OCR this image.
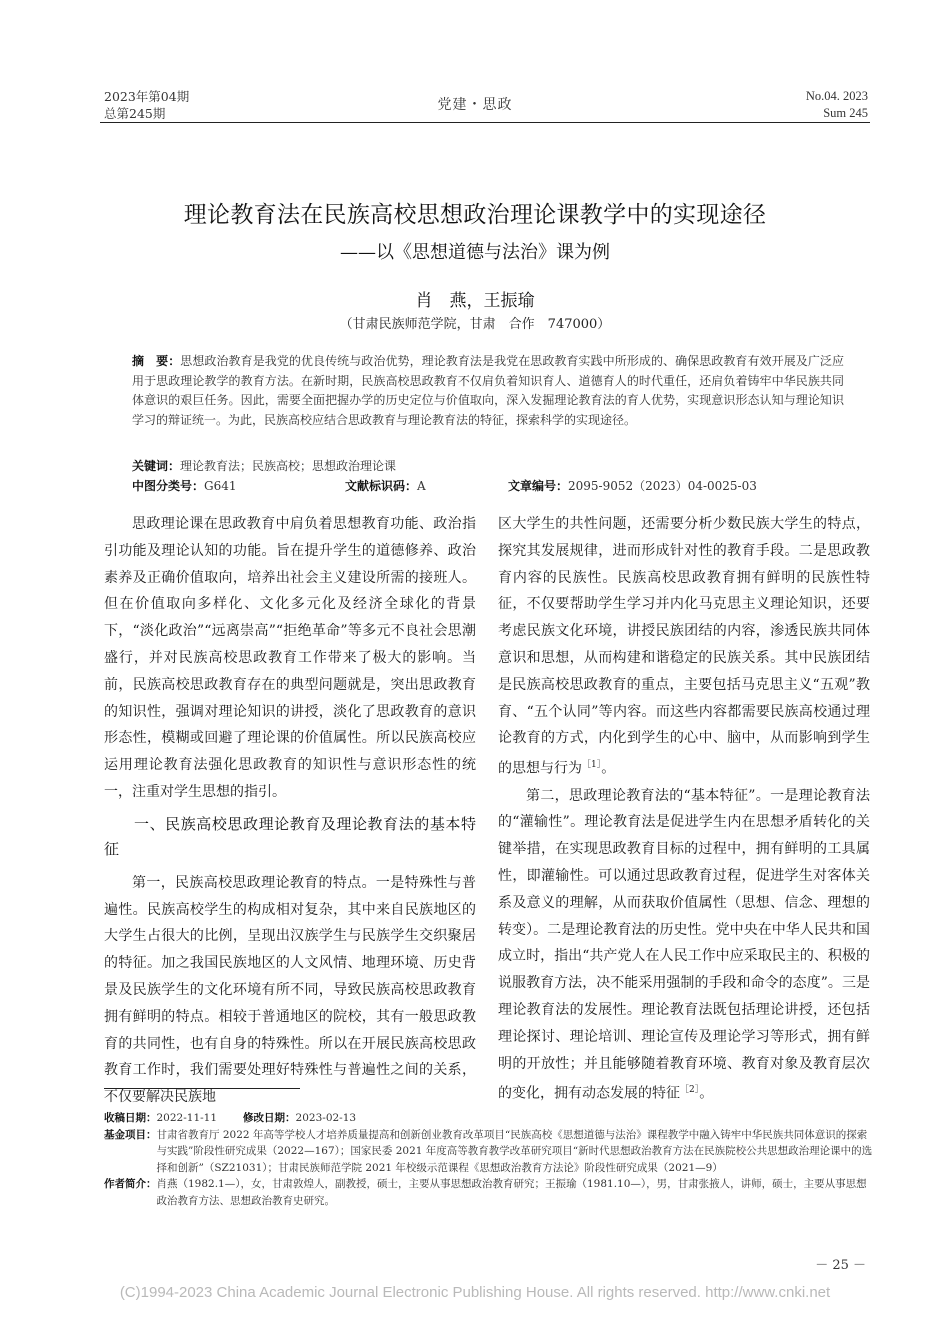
2023年第04期
总第245期
党建・思政
No.04. 2023
Sum 245
理论教育法在民族高校思想政治理论课教学中的实现途径
——以《思想道德与法治》课为例
肖　燕，王振瑜
（甘肃民族师范学院，甘肃　合作　747000）
摘　要：思想政治教育是我党的优良传统与政治优势，理论教育法是我党在思政教育实践中所形成的、确保思政教育有效开展及广泛应用于思政理论教学的教育方法。在新时期，民族高校思政教育不仅肩负着知识育人、道德育人的时代重任，还肩负着铸牢中华民族共同体意识的艰巨任务。因此，需要全面把握办学的历史定位与价值取向，深入发掘理论教育法的育人优势，实现意识形态认知与理论知识学习的辩证统一。为此，民族高校应结合思政教育与理论教育法的特征，探索科学的实现途径。
关键词：理论教育法；民族高校；思想政治理论课
中图分类号：G641	文献标识码：A	文章编号：2095-9052（2023）04-0025-03

思政理论课在思政教育中肩负着思想教育功能、政治指引功能及理论认知的功能。旨在提升学生的道德修养、政治素养及正确价值取向，培养出社会主义建设所需的接班人。但在价值取向多样化、文化多元化及经济全球化的背景下，“淡化政治”“远离崇高”“拒绝革命”等多元不良社会思潮盛行，并对民族高校思政教育工作带来了极大的影响。当前，民族高校思政教育存在的典型问题就是，突出思政教育的知识性，强调对理论知识的讲授，淡化了思政教育的意识形态性，模糊或回避了理论课的价值属性。所以民族高校应运用理论教育法强化思政教育的知识性与意识形态性的统一，注重对学生思想的指引。

一、民族高校思政理论教育及理论教育法的基本特征

第一，民族高校思政理论教育的特点。一是特殊性与普遍性。民族高校学生的构成相对复杂，其中来自民族地区的大学生占很大的比例，呈现出汉族学生与民族学生交织聚居的特征。加之我国民族地区的人文风情、地理环境、历史背景及民族学生的文化环境有所不同，导致民族高校思政教育拥有鲜明的特点。相较于普通地区的院校，其有一般思政教育的共同性，也有自身的特殊性。所以在开展民族高校思政教育工作时，我们需要处理好特殊性与普遍性之间的关系，不仅要解决民族地

区大学生的共性问题，还需要分析少数民族大学生的特点，探究其发展规律，进而形成针对性的教育手段。二是思政教育内容的民族性。民族高校思政教育拥有鲜明的民族性特征，不仅要帮助学生学习并内化马克思主义理论知识，还要考虑民族文化环境，讲授民族团结的内容，渗透民族共同体意识和思想，从而构建和谐稳定的民族关系。其中民族团结是民族高校思政教育的重点，主要包括马克思主义“五观”教育、“五个认同”等内容。而这些内容都需要民族高校通过理论教育的方式，内化到学生的心中、脑中，从而影响到学生的思想与行为$^{[1]}$。

第二，思政理论教育法的“基本特征”。一是理论教育法的“灌输性”。理论教育法是促进学生内在思想矛盾转化的关键举措，在实现思政教育目标的过程中，拥有鲜明的工具属性，即灌输性。可以通过思政教育过程，促进学生对客体关系及意义的理解，从而获取价值属性（思想、信念、理想的转变）。二是理论教育法的历史性。党中央在中华人民共和国成立时，指出“共产党人在人民工作中应采取民主的、积极的说服教育方法，决不能采用强制的手段和命令的态度”。三是理论教育法的发展性。理论教育法既包括理论讲授，还包括理论探讨、理论培训、理论宣传及理论学习等形式，拥有鲜明的开放性；并且能够随着教育环境、教育对象及教育层次的变化，拥有动态发展的特征$^{[2]}$。

收稿日期： 2022-11-11 修改日期： 2023-02-13
基金项目： 甘肃省教育厅 2022 年高等学校人才培养质量提高和创新创业教育改革项目“民族高校《思想道德与法治》课程教学中融入铸牢中华民族共同体意识的探索与实践”阶段性研究成果（2022—167）；国家民委 2021 年度高等教育教学改革研究项目“新时代思想政治教育方法在民族院校公共思想政治理论课中的选择和创新”（SZ21031）；甘肃民族师范学院 2021 年校级示范课程《思想政治教育方法论》阶段性研究成果（2021—9）
作者简介： 肖燕（1982.1—），女，甘肃敦煌人，副教授，硕士，主要从事思想政治教育研究；王振瑜（1981.10—），男，甘肃张掖人，讲师，硕士，主要从事思想政治教育方法、思想政治教育史研究。
－ 25 －
(C)1994-2023 China Academic Journal Electronic Publishing House. All rights reserved. http://www.cnki.net
